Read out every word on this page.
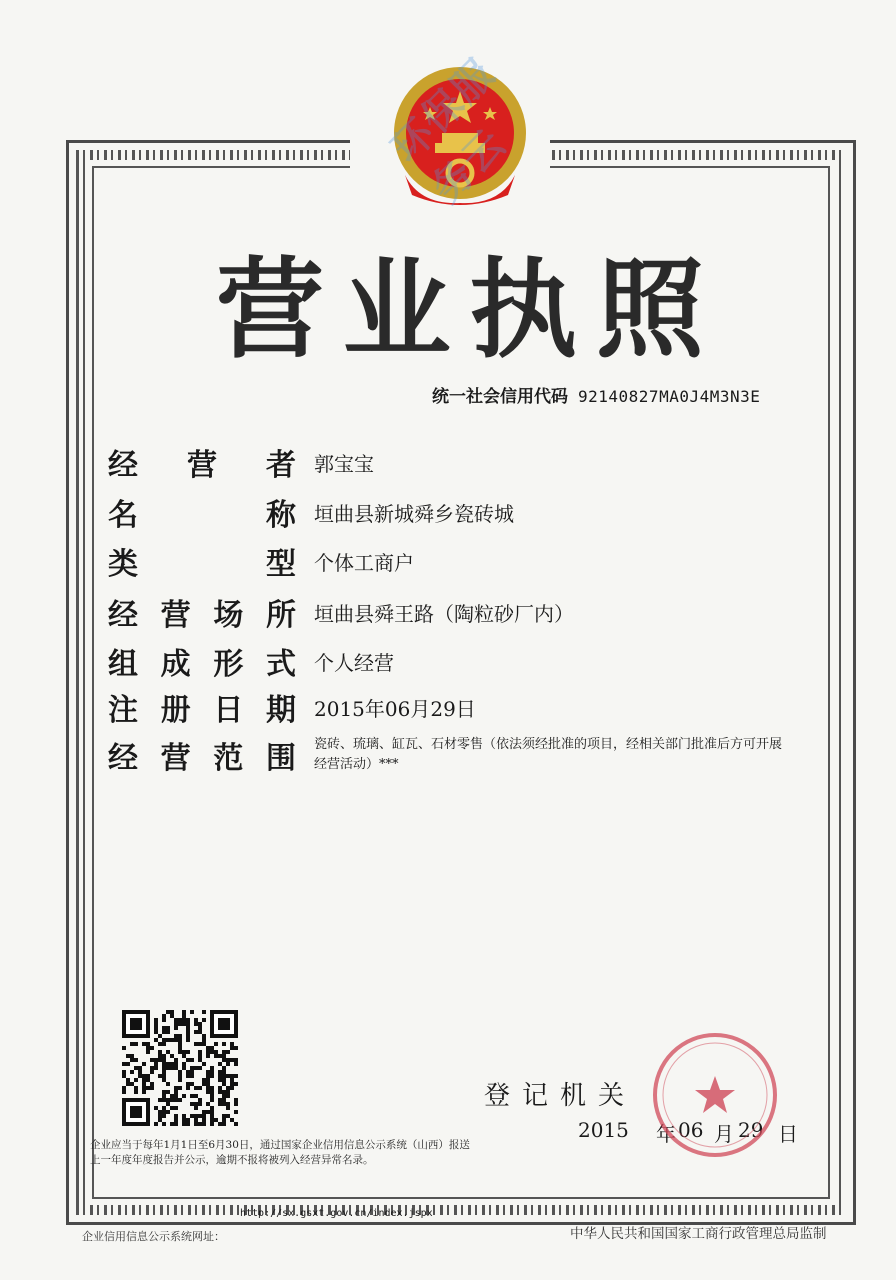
环保服务云
营 业 执 照
统一社会信用代码 92140827MA0J4M3N3E
经 营 者 郭宝宝
名	称 垣曲县新城舜乡瓷砖城
类	型 个体工商户
经 营 场 所 垣曲县舜王路（陶粒砂厂内）
组 成 形 式 个人经营
注 册 日 期 2015年06月29日
经 营 范 围 瓷砖、琉璃、缸瓦、石材零售（依法须经批准的项目，经相关部门批准后方可开展经营活动）***
企业应当于每年1月1日至6月30日，通过国家企业信用信息公示系统（山西）报送上一年度年度报告并公示，逾期不报将被列入经营异常名录。
登记机关
2015 年 06 月 29 日
http://sx.gsxt.gov.cn/index.jspx
企业信用信息公示系统网址：	中华人民共和国国家工商行政管理总局监制
